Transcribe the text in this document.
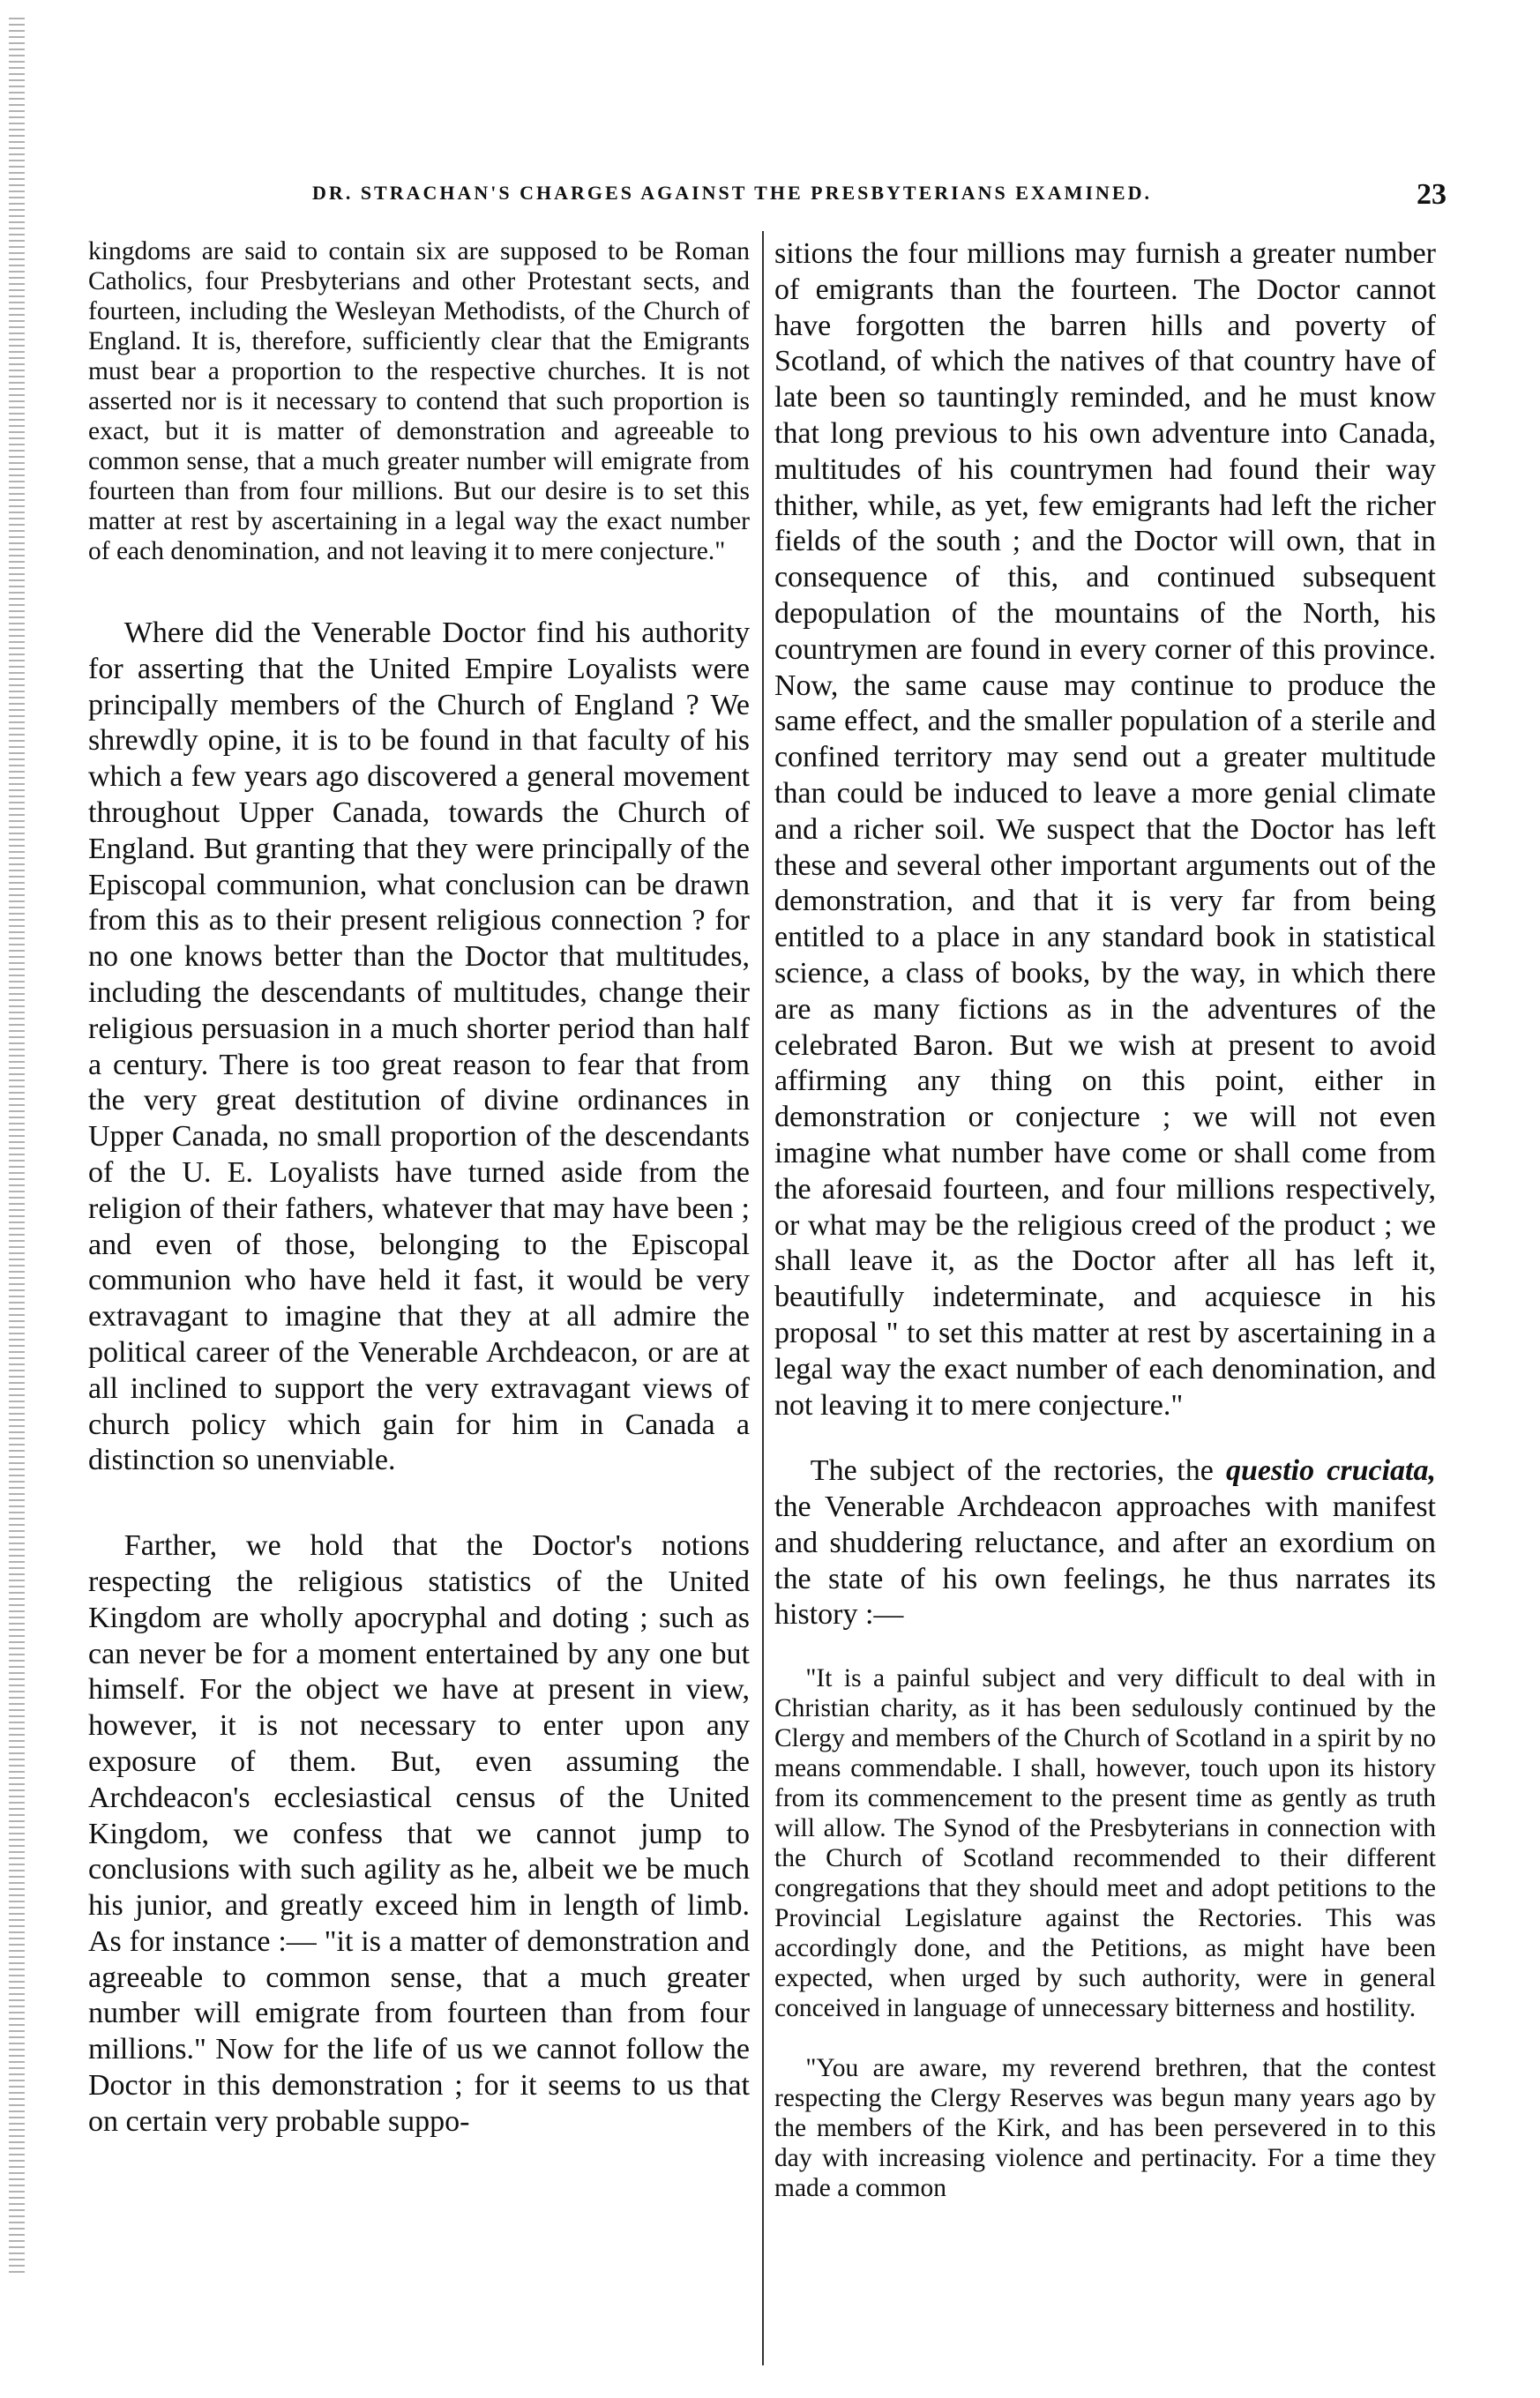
DR. STRACHAN'S CHARGES AGAINST THE PRESBYTERIANS EXAMINED.	23

kingdoms are said to contain six are supposed to be Roman Catholics, four Presbyterians and other Protestant sects, and fourteen, including the Wesleyan Methodists, of the Church of England. It is, therefore, sufficiently clear that the Emigrants must bear a proportion to the respective churches. It is not asserted nor is it necessary to contend that such proportion is exact, but it is matter of demonstration and agreeable to common sense, that a much greater number will emigrate from fourteen than from four millions. But our desire is to set this matter at rest by ascertaining in a legal way the exact number of each denomination, and not leaving it to mere conjecture."

Where did the Venerable Doctor find his authority for asserting that the United Empire Loyalists were principally members of the Church of England ? We shrewdly opine, it is to be found in that faculty of his which a few years ago discovered a general movement throughout Upper Canada, towards the Church of England. But granting that they were principally of the Episcopal communion, what conclusion can be drawn from this as to their present religious connection ? for no one knows better than the Doctor that multitudes, including the descendants of multitudes, change their religious persuasion in a much shorter period than half a century. There is too great reason to fear that from the very great destitution of divine ordinances in Upper Canada, no small proportion of the descendants of the U. E. Loyalists have turned aside from the religion of their fathers, whatever that may have been ; and even of those, belonging to the Episcopal communion who have held it fast, it would be very extravagant to imagine that they at all admire the political career of the Venerable Archdeacon, or are at all inclined to support the very extravagant views of church policy which gain for him in Canada a distinction so unenviable.

Farther, we hold that the Doctor's notions respecting the religious statistics of the United Kingdom are wholly apocryphal and doting ; such as can never be for a moment entertained by any one but himself. For the object we have at present in view, however, it is not necessary to enter upon any exposure of them. But, even assuming the Archdeacon's ecclesiastical census of the United Kingdom, we confess that we cannot jump to conclusions with such agility as he, albeit we be much his junior, and greatly exceed him in length of limb. As for instance :— "it is a matter of demonstration and agreeable to common sense, that a much greater number will emigrate from fourteen than from four millions." Now for the life of us we cannot follow the Doctor in this demonstration ; for it seems to us that on certain very probable suppo-

sitions the four millions may furnish a greater number of emigrants than the fourteen. The Doctor cannot have forgotten the barren hills and poverty of Scotland, of which the natives of that country have of late been so tauntingly reminded, and he must know that long previous to his own adventure into Canada, multitudes of his countrymen had found their way thither, while, as yet, few emigrants had left the richer fields of the south ; and the Doctor will own, that in consequence of this, and continued subsequent depopulation of the mountains of the North, his countrymen are found in every corner of this province. Now, the same cause may continue to produce the same effect, and the smaller population of a sterile and confined territory may send out a greater multitude than could be induced to leave a more genial climate and a richer soil. We suspect that the Doctor has left these and several other important arguments out of the demonstration, and that it is very far from being entitled to a place in any standard book in statistical science, a class of books, by the way, in which there are as many fictions as in the adventures of the celebrated Baron. But we wish at present to avoid affirming any thing on this point, either in demonstration or conjecture ; we will not even imagine what number have come or shall come from the aforesaid fourteen, and four millions respectively, or what may be the religious creed of the product ; we shall leave it, as the Doctor after all has left it, beautifully indeterminate, and acquiesce in his proposal " to set this matter at rest by ascertaining in a legal way the exact number of each denomination, and not leaving it to mere conjecture."

The subject of the rectories, the questio cruciata, the Venerable Archdeacon approaches with manifest and shuddering reluctance, and after an exordium on the state of his own feelings, he thus narrates its history :—

"It is a painful subject and very difficult to deal with in Christian charity, as it has been sedulously continued by the Clergy and members of the Church of Scotland in a spirit by no means commendable. I shall, however, touch upon its history from its commencement to the present time as gently as truth will allow. The Synod of the Presbyterians in connection with the Church of Scotland recommended to their different congregations that they should meet and adopt petitions to the Provincial Legislature against the Rectories. This was accordingly done, and the Petitions, as might have been expected, when urged by such authority, were in general conceived in language of unnecessary bitterness and hostility.

"You are aware, my reverend brethren, that the contest respecting the Clergy Reserves was begun many years ago by the members of the Kirk, and has been persevered in to this day with increasing violence and pertinacity. For a time they made a common
